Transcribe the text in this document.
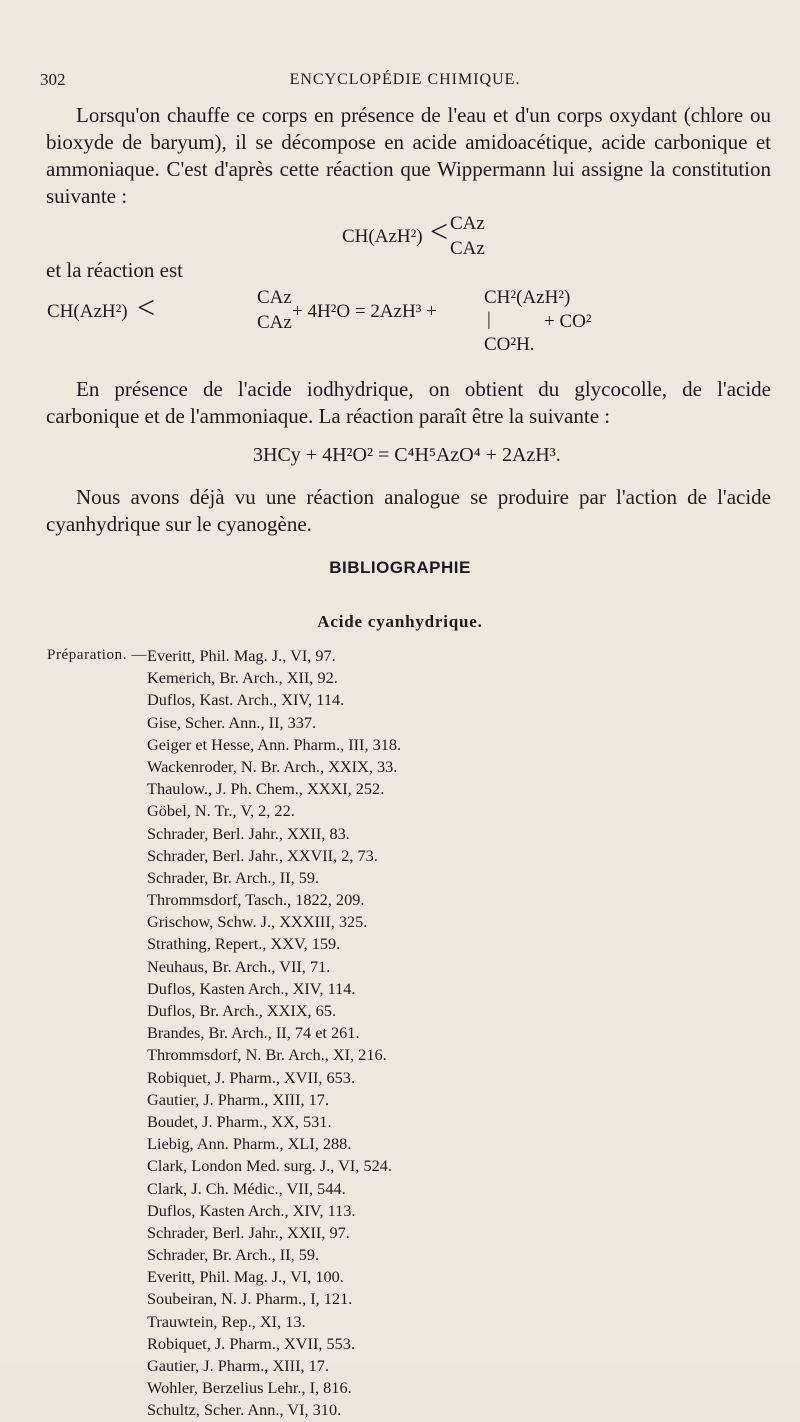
302	ENCYCLOPÉDIE CHIMIQUE.
Lorsqu'on chauffe ce corps en présence de l'eau et d'un corps oxydant (chlore ou bioxyde de baryum), il se décompose en acide amidoacétique, acide carbonique et ammoniaque. C'est d'après cette réaction que Wippermann lui assigne la constitution suivante :
CH(AzH²) < CAz
CAz
et la réaction est
CH(AzH²) <	CAz
CAz
+ 4H²O = 2AzH³ +
CH²(AzH²)
|
CO²H.
+ CO²
En présence de l'acide iodhydrique, on obtient du glycocolle, de l'acide carbonique et de l'ammoniaque. La réaction paraît être la suivante :
3HCy + 4H²O² = C⁴H⁵AzO⁴ + 2AzH³.
Nous avons déjà vu une réaction analogue se produire par l'action de l'acide cyanhydrique sur le cyanogène.
BIBLIOGRAPHIE
Acide cyanhydrique.
Préparation. — Everitt, Phil. Mag. J., VI, 97.
Kemerich, Br. Arch., XII, 92.
Duflos, Kast. Arch., XIV, 114.
Gise, Scher. Ann., II, 337.
Geiger et Hesse, Ann. Pharm., III, 318.
Wackenroder, N. Br. Arch., XXIX, 33.
Thaulow., J. Ph. Chem., XXXI, 252.
Göbel, N. Tr., V, 2, 22.
Schrader, Berl. Jahr., XXII, 83.
Schrader, Berl. Jahr., XXVII, 2, 73.
Schrader, Br. Arch., II, 59.
Thrommsdorf, Tasch., 1822, 209.
Grischow, Schw. J., XXXIII, 325.
Strathing, Repert., XXV, 159.
Neuhaus, Br. Arch., VII, 71.
Duflos, Kasten Arch., XIV, 114.
Duflos, Br. Arch., XXIX, 65.
Brandes, Br. Arch., II, 74 et 261.
Thrommsdorf, N. Br. Arch., XI, 216.
Robiquet, J. Pharm., XVII, 653.
Gautier, J. Pharm., XIII, 17.
Boudet, J. Pharm., XX, 531.
Liebig, Ann. Pharm., XLI, 288.
Clark, London Med. surg. J., VI, 524.
Clark, J. Ch. Médic., VII, 544.
Duflos, Kasten Arch., XIV, 113.
Schrader, Berl. Jahr., XXII, 97.
Schrader, Br. Arch., II, 59.
Everitt, Phil. Mag. J., VI, 100.
Soubeiran, N. J. Pharm., I, 121.
Trauwtein, Rep., XI, 13.
Robiquet, J. Pharm., XVII, 553.
Gautier, J. Pharm., XIII, 17.
Wohler, Berzelius Lehr., I, 816.
Schultz, Scher. Ann., VI, 310.
